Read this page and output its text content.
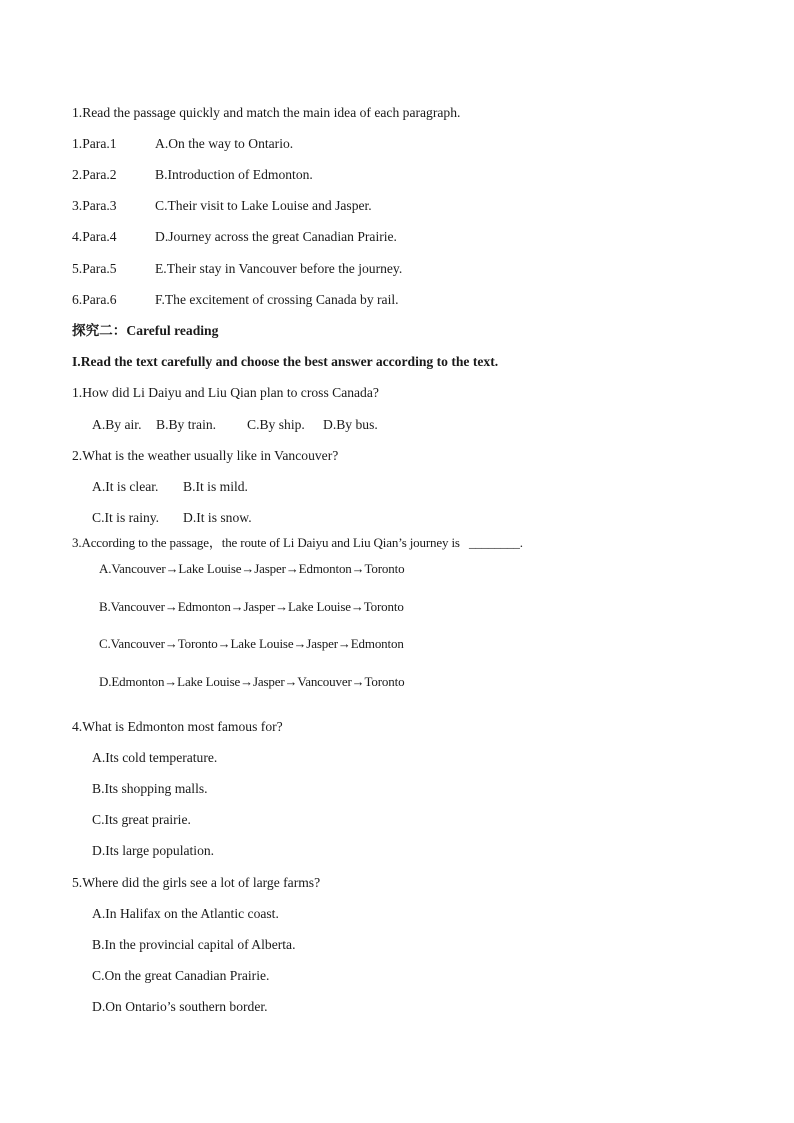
1.Read the passage quickly and match the main idea of each paragraph.
1.Para.1	A.On the way to Ontario.
2.Para.2	B.Introduction of Edmonton.
3.Para.3	C.Their visit to Lake Louise and Jasper.
4.Para.4	D.Journey across the great Canadian Prairie.
5.Para.5	E.Their stay in Vancouver before the journey.
6.Para.6	F.The excitement of crossing Canada by rail.
探究二：Careful reading
I.Read the text carefully and choose the best answer according to the text.
1.How did Li Daiyu and Liu Qian plan to cross Canada?
A.By air. B.By train. C.By ship. D.By bus.
2.What is the weather usually like in Vancouver?
A.It is clear. B.It is mild.
C.It is rainy. D.It is snow.
3.According to the passage，the route of Li Daiyu and Liu Qian’s journey is ________.
A.Vancouver→Lake Louise→Jasper→Edmonton→Toronto
B.Vancouver→Edmonton→Jasper→Lake Louise→Toronto
C.Vancouver→Toronto→Lake Louise→Jasper→Edmonton
D.Edmonton→Lake Louise→Jasper→Vancouver→Toronto
4.What is Edmonton most famous for?
A.Its cold temperature.
B.Its shopping malls.
C.Its great prairie.
D.Its large population.
5.Where did the girls see a lot of large farms?
A.In Halifax on the Atlantic coast.
B.In the provincial capital of Alberta.
C.On the great Canadian Prairie.
D.On Ontario’s southern border.
